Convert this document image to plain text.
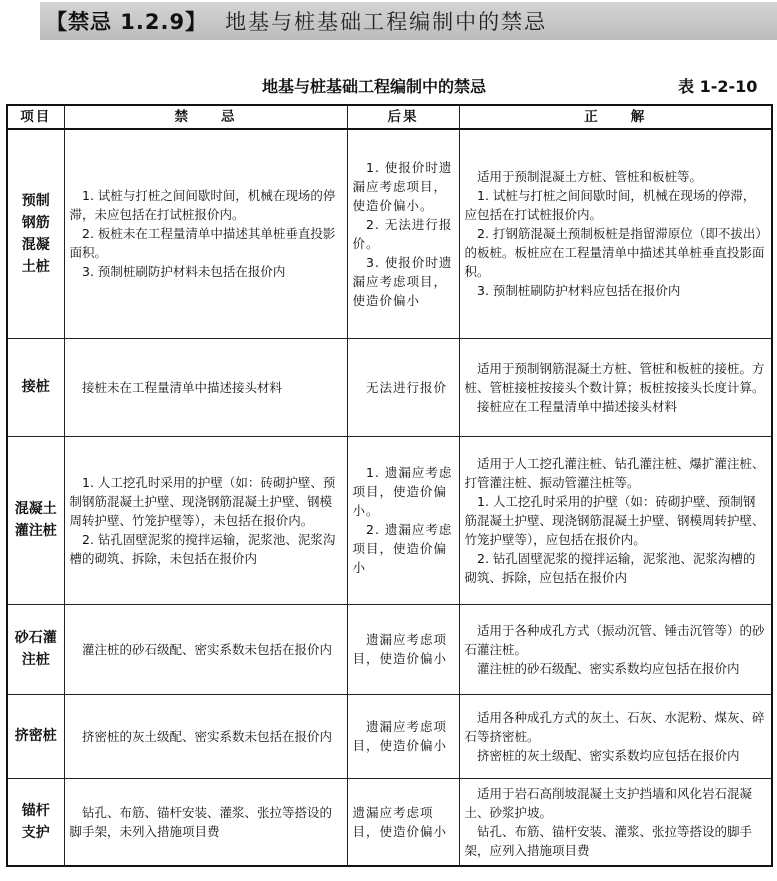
【禁忌 1.2.9】 地基与桩基础工程编制中的禁忌
地基与桩基础工程编制中的禁忌	表 1-2-10
项目	禁　　忌	后果	正　　解
预制
钢筋
混凝
土桩	　1. 试桩与打桩之间间歇时间，机械在现场的停滞，未应包括在打试桩报价内。
　2. 板桩未在工程量清单中描述其单桩垂直投影面积。
　3. 预制桩刷防护材料未包括在报价内	　1. 使报价时遗漏应考虑项目，使造价偏小。
　2. 无法进行报价。
　3. 使报价时遗漏应考虑项目，使造价偏小	　适用于预制混凝土方桩、管桩和板桩等。
　1. 试桩与打桩之间间歇时间，机械在现场的停滞，应包括在打试桩报价内。
　2. 打钢筋混凝土预制板桩是指留滞原位（即不拔出）的板桩。板桩应在工程量清单中描述其单桩垂直投影面积。
　3. 预制桩刷防护材料应包括在报价内
接桩	　接桩未在工程量清单中描述接头材料	　无法进行报价	　适用于预制钢筋混凝土方桩、管桩和板桩的接桩。方桩、管桩接桩按接头个数计算；板桩按接头长度计算。
　接桩应在工程量清单中描述接头材料
混凝土
灌注桩	　1. 人工挖孔时采用的护壁（如：砖砌护壁、预制钢筋混凝土护壁、现浇钢筋混凝土护壁、钢模周转护壁、竹笼护壁等），未包括在报价内。
　2. 钻孔固壁泥浆的搅拌运输，泥浆池、泥浆沟槽的砌筑、拆除，未包括在报价内	　1. 遗漏应考虑项目，使造价偏小。
　2. 遗漏应考虑项目，使造价偏小	　适用于人工挖孔灌注桩、钻孔灌注桩、爆扩灌注桩、打管灌注桩、振动管灌注桩等。
　1. 人工挖孔时采用的护壁（如：砖砌护壁、预制钢筋混凝土护壁、现浇钢筋混凝土护壁、钢模周转护壁、竹笼护壁等），应包括在报价内。
　2. 钻孔固壁泥浆的搅拌运输，泥浆池、泥浆沟槽的砌筑、拆除，应包括在报价内
砂石灌
注桩	　灌注桩的砂石级配、密实系数未包括在报价内	　遗漏应考虑项目，使造价偏小	　适用于各种成孔方式（振动沉管、锤击沉管等）的砂石灌注桩。
　灌注桩的砂石级配、密实系数均应包括在报价内
挤密桩	　挤密桩的灰土级配、密实系数未包括在报价内	　遗漏应考虑项目，使造价偏小	　适用各种成孔方式的灰土、石灰、水泥粉、煤灰、碎石等挤密桩。
　挤密桩的灰土级配、密实系数均应包括在报价内
锚杆
支护	　钻孔、布筋、锚杆安装、灌浆、张拉等搭设的脚手架，未列入措施项目费	遗漏应考虑项目，使造价偏小	　适用于岩石高削坡混凝土支护挡墙和风化岩石混凝土、砂浆护坡。
　钻孔、布筋、锚杆安装、灌浆、张拉等搭设的脚手架，应列入措施项目费
